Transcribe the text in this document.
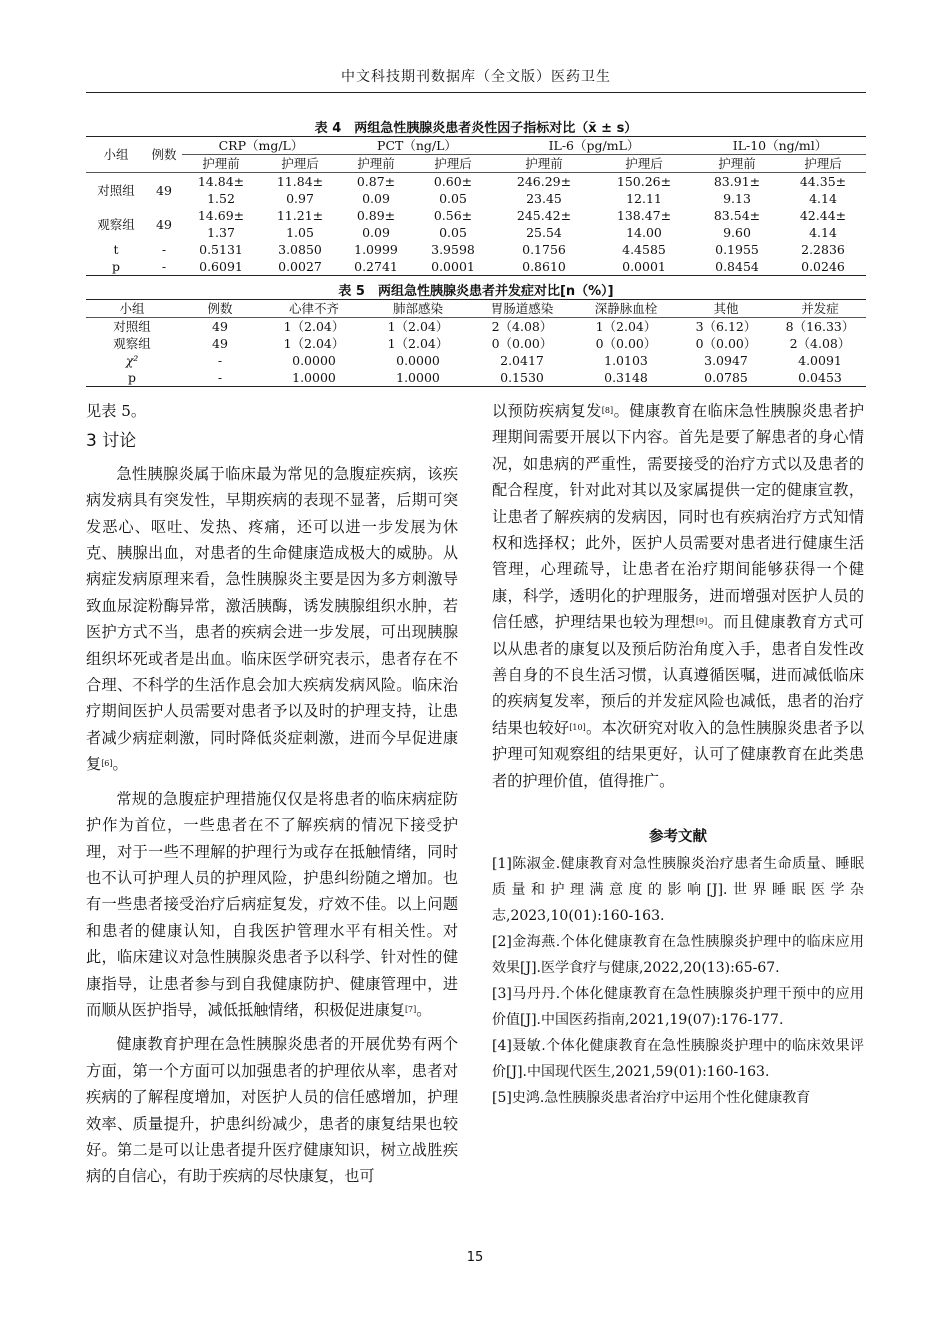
中文科技期刊数据库（全文版）医药卫生
表 4　两组急性胰腺炎患者炎性因子指标对比（x̄ ± s）
小组	例数	CRP（mg/L）		PCT（ng/L）		IL-6（pg/mL）		IL-10（ng/ml）	
		护理前	护理后	护理前	护理后	护理前	护理后	护理前	护理后
对照组	49	14.84±	11.84±	0.87±	0.60±	246.29±	150.26±	83.91±	44.35±
		1.52	0.97	0.09	0.05	23.45	12.11	9.13	4.14
观察组	49	14.69±	11.21±	0.89±	0.56±	245.42±	138.47±	83.54±	42.44±
		1.37	1.05	0.09	0.05	25.54	14.00	9.60	4.14
t	-	0.5131	3.0850	1.0999	3.9598	0.1756	4.4585	0.1955	2.2836
p	-	0.6091	0.0027	0.2741	0.0001	0.8610	0.0001	0.8454	0.0246
表 5　两组急性胰腺炎患者并发症对比[n（%）]
小组	例数	心律不齐	肺部感染	胃肠道感染	深静脉血栓	其他	并发症
对照组	49	1（2.04）	1（2.04）	2（4.08）	1（2.04）	3（6.12）	8（16.33）
观察组	49	1（2.04）	1（2.04）	0（0.00）	0（0.00）	0（0.00）	2（4.08）
χ²	-	0.0000	0.0000	2.0417	1.0103	3.0947	4.0091
p	-	1.0000	1.0000	0.1530	0.3148	0.0785	0.0453

见表 5。

3 讨论

急性胰腺炎属于临床最为常见的急腹症疾病，该疾病发病具有突发性，早期疾病的表现不显著，后期可突发恶心、呕吐、发热、疼痛，还可以进一步发展为休克、胰腺出血，对患者的生命健康造成极大的威胁。从病症发病原理来看，急性胰腺炎主要是因为多方刺激导致血尿淀粉酶异常，激活胰酶，诱发胰腺组织水肿，若医护方式不当，患者的疾病会进一步发展，可出现胰腺组织坏死或者是出血。临床医学研究表示，患者存在不合理、不科学的生活作息会加大疾病发病风险。临床治疗期间医护人员需要对患者予以及时的护理支持，让患者减少病症刺激，同时降低炎症刺激，进而今早促进康复[6]。

常规的急腹症护理措施仅仅是将患者的临床病症防护作为首位，一些患者在不了解疾病的情况下接受护理，对于一些不理解的护理行为或存在抵触情绪，同时也不认可护理人员的护理风险，护患纠纷随之增加。也有一些患者接受治疗后病症复发，疗效不佳。以上问题和患者的健康认知，自我医护管理水平有相关性。对此，临床建议对急性胰腺炎患者予以科学、针对性的健康指导，让患者参与到自我健康防护、健康管理中，进而顺从医护指导，减低抵触情绪，积极促进康复[7]。

健康教育护理在急性胰腺炎患者的开展优势有两个方面，第一个方面可以加强患者的护理依从率，患者对疾病的了解程度增加，对医护人员的信任感增加，护理效率、质量提升，护患纠纷减少，患者的康复结果也较好。第二是可以让患者提升医疗健康知识，树立战胜疾病的自信心，有助于疾病的尽快康复，也可

以预防疾病复发[8]。健康教育在临床急性胰腺炎患者护理期间需要开展以下内容。首先是要了解患者的身心情况，如患病的严重性，需要接受的治疗方式以及患者的配合程度，针对此对其以及家属提供一定的健康宣教，让患者了解疾病的发病因，同时也有疾病治疗方式知情权和选择权；此外，医护人员需要对患者进行健康生活管理，心理疏导，让患者在治疗期间能够获得一个健康，科学，透明化的护理服务，进而增强对医护人员的信任感，护理结果也较为理想[9]。而且健康教育方式可以从患者的康复以及预后防治角度入手，患者自发性改善自身的不良生活习惯，认真遵循医嘱，进而减低临床的疾病复发率，预后的并发症风险也减低，患者的治疗结果也较好[10]。本次研究对收入的急性胰腺炎患者予以护理可知观察组的结果更好，认可了健康教育在此类患者的护理价值，值得推广。

参考文献

[1]陈淑金.健康教育对急性胰腺炎治疗患者生命质量、睡眠质量和护理满意度的影响[J].世界睡眠医学杂志,2023,10(01):160-163.

[2]金海燕.个体化健康教育在急性胰腺炎护理中的临床应用效果[J].医学食疗与健康,2022,20(13):65-67.

[3]马丹丹.个体化健康教育在急性胰腺炎护理干预中的应用价值[J].中国医药指南,2021,19(07):176-177.

[4]聂敏.个体化健康教育在急性胰腺炎护理中的临床效果评价[J].中国现代医生,2021,59(01):160-163.

[5]史鸿.急性胰腺炎患者治疗中运用个性化健康教育

15
